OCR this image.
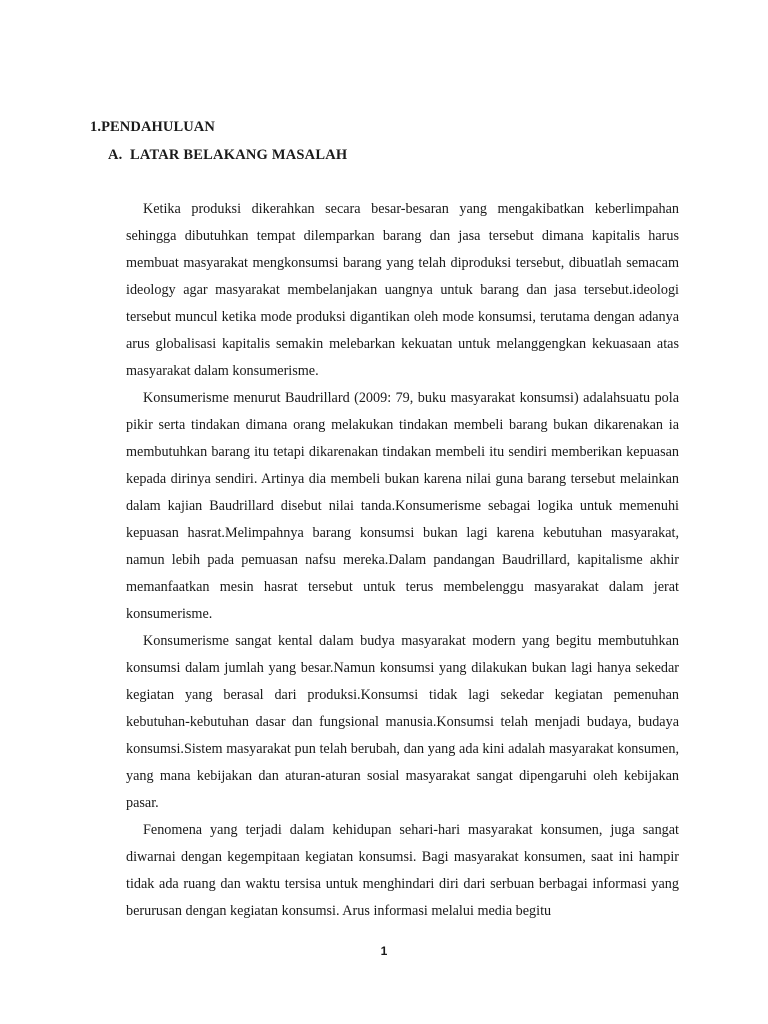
1.PENDAHULUAN
A. LATAR BELAKANG MASALAH

Ketika produksi dikerahkan secara besar-besaran yang mengakibatkan keberlimpahan sehingga dibutuhkan tempat dilemparkan barang dan jasa tersebut dimana kapitalis harus membuat masyarakat mengkonsumsi barang yang telah diproduksi tersebut, dibuatlah semacam ideology agar masyarakat membelanjakan uangnya untuk barang dan jasa tersebut.ideologi tersebut muncul ketika mode produksi digantikan oleh mode konsumsi, terutama dengan adanya arus globalisasi kapitalis semakin melebarkan kekuatan untuk melanggengkan kekuasaan atas masyarakat dalam konsumerisme.

Konsumerisme menurut Baudrillard (2009: 79, buku masyarakat konsumsi) adalahsuatu pola pikir serta tindakan dimana orang melakukan tindakan membeli barang bukan dikarenakan ia membutuhkan barang itu tetapi dikarenakan tindakan membeli itu sendiri memberikan kepuasan kepada dirinya sendiri. Artinya dia membeli bukan karena nilai guna barang tersebut melainkan dalam kajian Baudrillard disebut nilai tanda.Konsumerisme sebagai logika untuk memenuhi kepuasan hasrat.Melimpahnya barang konsumsi bukan lagi karena kebutuhan masyarakat, namun lebih pada pemuasan nafsu mereka.Dalam pandangan Baudrillard, kapitalisme akhir memanfaatkan mesin hasrat tersebut untuk terus membelenggu masyarakat dalam jerat konsumerisme.

Konsumerisme sangat kental dalam budya masyarakat modern yang begitu membutuhkan konsumsi dalam jumlah yang besar.Namun konsumsi yang dilakukan bukan lagi hanya sekedar kegiatan yang berasal dari produksi.Konsumsi tidak lagi sekedar kegiatan pemenuhan kebutuhan-kebutuhan dasar dan fungsional manusia.Konsumsi telah menjadi budaya, budaya konsumsi.Sistem masyarakat pun telah berubah, dan yang ada kini adalah masyarakat konsumen, yang mana kebijakan dan aturan-aturan sosial masyarakat sangat dipengaruhi oleh kebijakan pasar.

Fenomena yang terjadi dalam kehidupan sehari-hari masyarakat konsumen, juga sangat diwarnai dengan kegempitaan kegiatan konsumsi. Bagi masyarakat konsumen, saat ini hampir tidak ada ruang dan waktu tersisa untuk menghindari diri dari serbuan berbagai informasi yang berurusan dengan kegiatan konsumsi. Arus informasi melalui media begitu

1
